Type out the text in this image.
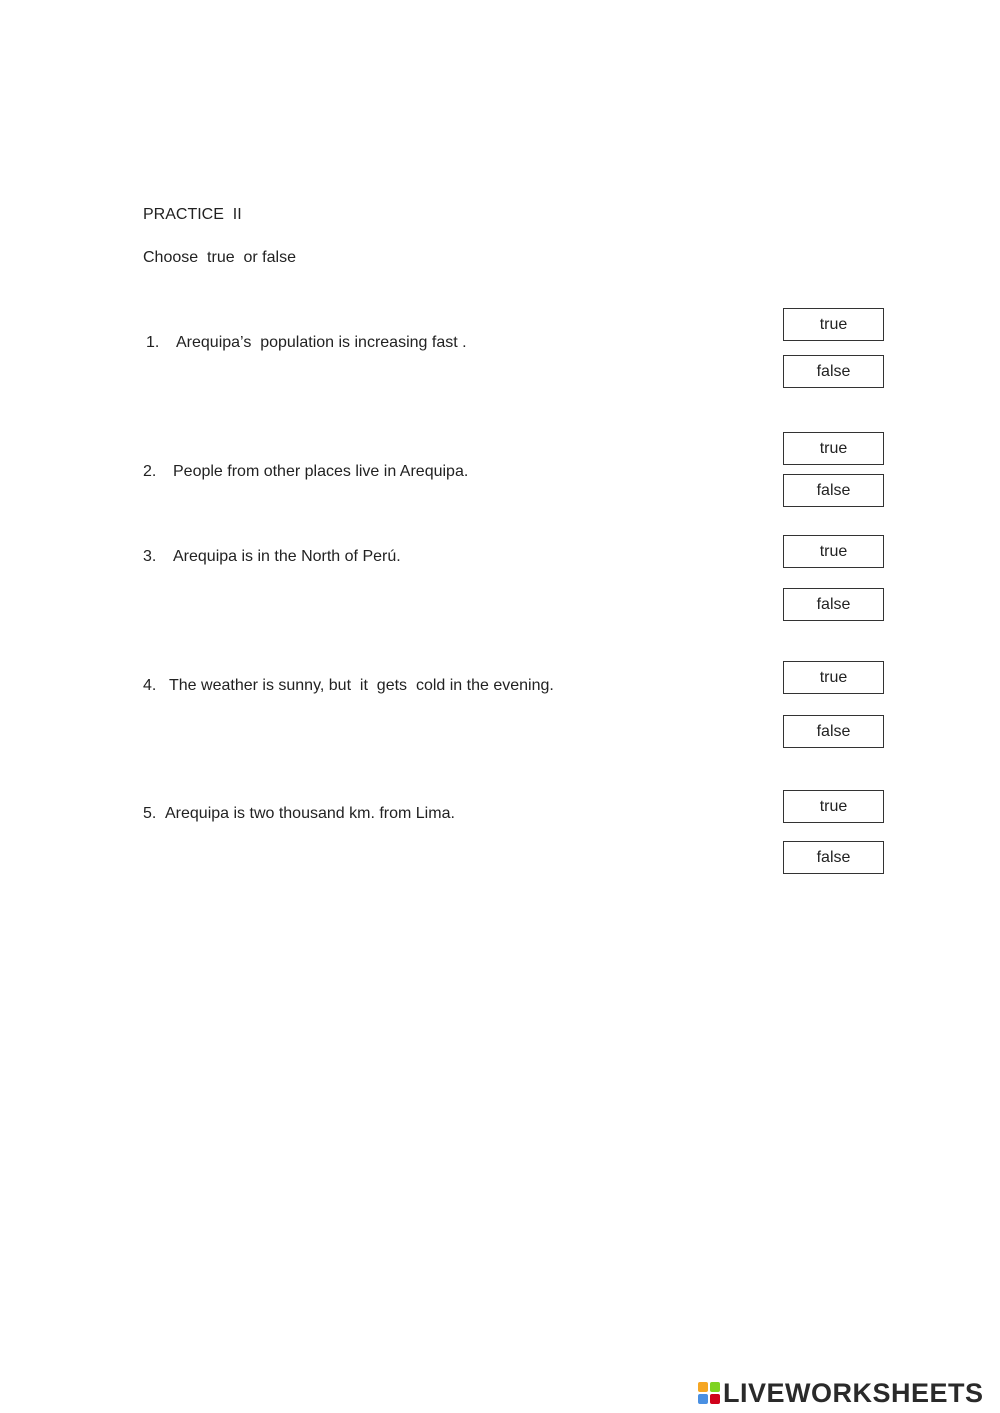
PRACTICE  II
Choose  true  or false
1.	Arequipa’s  population is increasing fast .
true
false
2.	People from other places live in Arequipa.
true
false
3.	Arequipa is in the North of Perú.	true
false
4. The weather is sunny, but  it  gets  cold in the evening.	true
false
5. Arequipa is two thousand km. from Lima.	true
false
LIVEWORKSHEETS
